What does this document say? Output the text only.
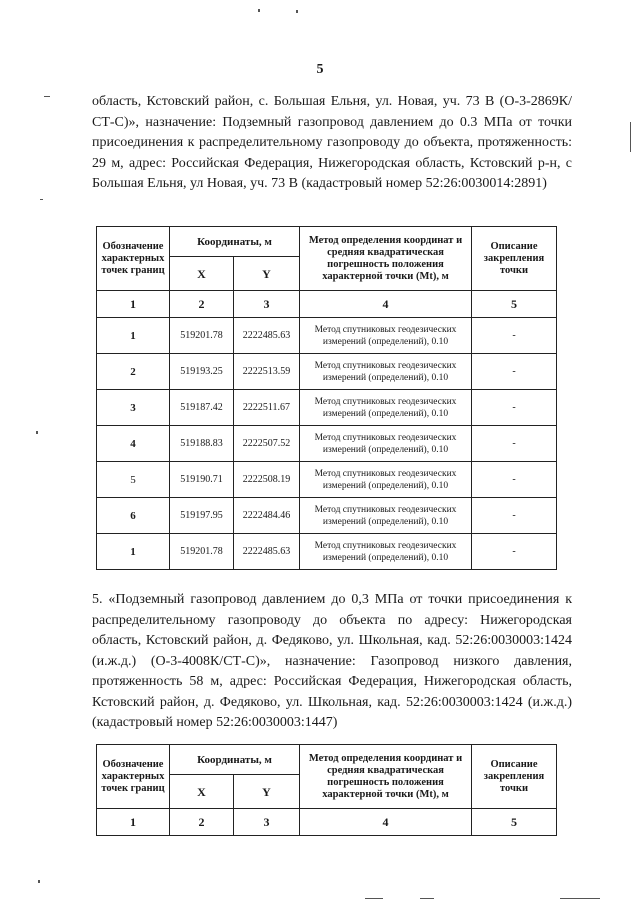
5
область, Кстовский район, с. Большая Ельня, ул. Новая, уч. 73 В (О-3-2869К/СТ-С)», назначение: Подземный газопровод давлением до 0.3 МПа от точки присоединения к распределительному газопроводу до объекта, протяженность: 29 м, адрес: Российская Федерация, Нижегородская область, Кстовский р-н, с Большая Ельня, ул Новая, уч. 73 В (кадастровый номер 52:26:0030014:2891)
Обозначение характерных точек границ	Координаты, м		Метод определения координат и средняя квадратическая погрешность положения характерной точки (Mt), м	Описание закрепления точки
	X	Y		
1	2	3	4	5
1	519201.78	2222485.63	Метод спутниковых геодезических измерений (определений), 0.10	-
2	519193.25	2222513.59	Метод спутниковых геодезических измерений (определений), 0.10	-
3	519187.42	2222511.67	Метод спутниковых геодезических измерений (определений), 0.10	-
4	519188.83	2222507.52	Метод спутниковых геодезических измерений (определений), 0.10	-
5	519190.71	2222508.19	Метод спутниковых геодезических измерений (определений), 0.10	-
6	519197.95	2222484.46	Метод спутниковых геодезических измерений (определений), 0.10	-
1	519201.78	2222485.63	Метод спутниковых геодезических измерений (определений), 0.10	-
5. «Подземный газопровод давлением до 0,3 МПа от точки присоединения к распределительному газопроводу до объекта по адресу: Нижегородская область, Кстовский район, д. Федяково, ул. Школьная, кад. 52:26:0030003:1424 (и.ж.д.) (О-3-4008К/СТ-С)», назначение: Газопровод низкого давления, протяженность 58 м, адрес: Российская Федерация, Нижегородская область, Кстовский район, д. Федяково, ул. Школьная, кад. 52:26:0030003:1424 (и.ж.д.) (кадастровый номер 52:26:0030003:1447)
Обозначение характерных точек границ	Координаты, м		Метод определения координат и средняя квадратическая погрешность положения характерной точки (Mt), м	Описание закрепления точки
	X	Y		
1	2	3	4	5
